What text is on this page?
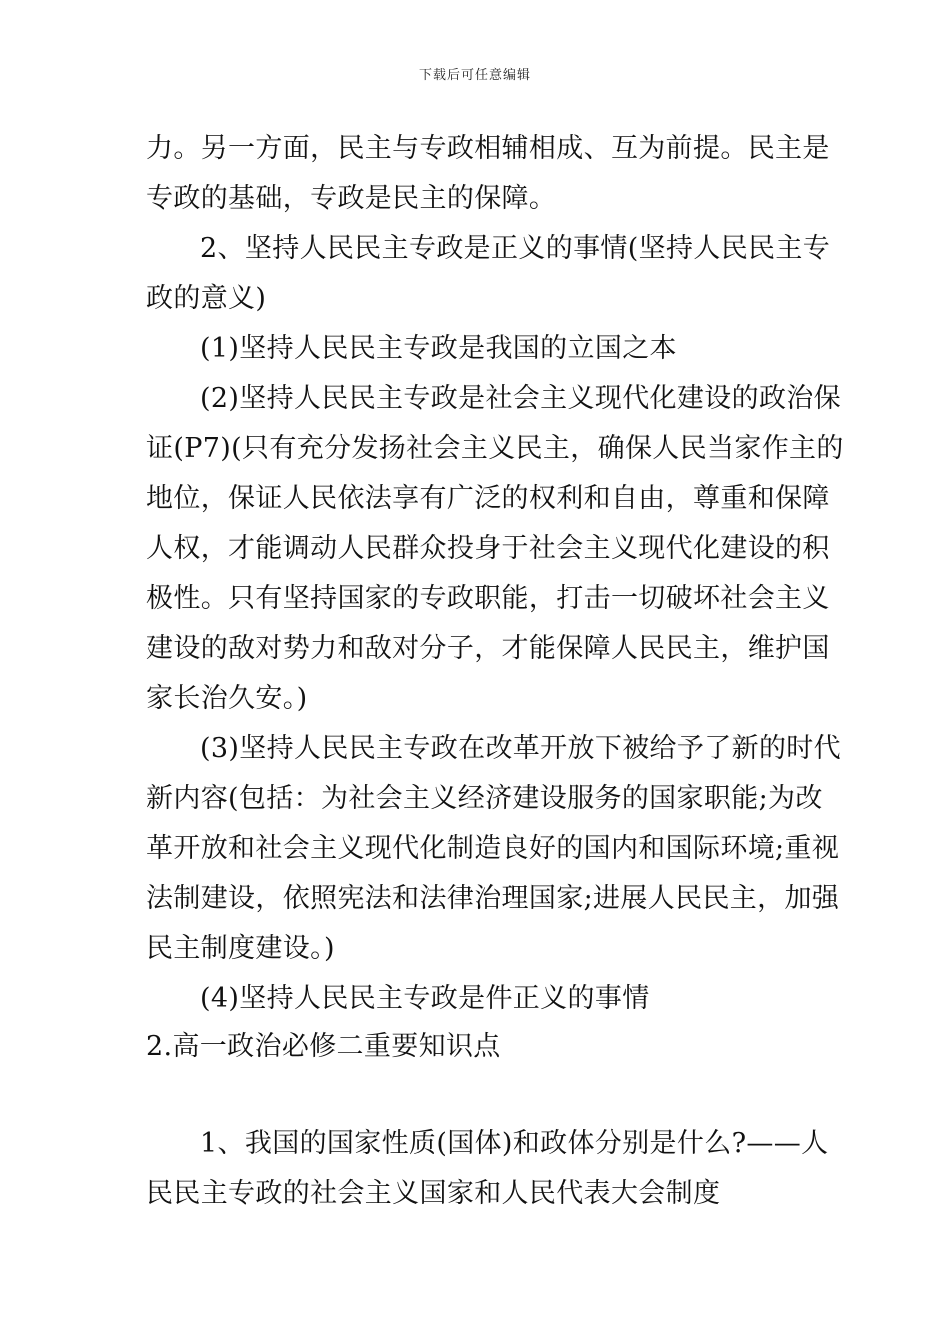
下载后可任意编辑
力。另一方面，民主与专政相辅相成、互为前提。民主是
专政的基础，专政是民主的保障。
2、坚持人民民主专政是正义的事情(坚持人民民主专
政的意义)
(1)坚持人民民主专政是我国的立国之本
(2)坚持人民民主专政是社会主义现代化建设的政治保
证(P7)(只有充分发扬社会主义民主，确保人民当家作主的
地位，保证人民依法享有广泛的权利和自由，尊重和保障
人权，才能调动人民群众投身于社会主义现代化建设的积
极性。只有坚持国家的专政职能，打击一切破坏社会主义
建设的敌对势力和敌对分子，才能保障人民民主，维护国
家长治久安。)
(3)坚持人民民主专政在改革开放下被给予了新的时代
新内容(包括：为社会主义经济建设服务的国家职能;为改
革开放和社会主义现代化制造良好的国内和国际环境;重视
法制建设，依照宪法和法律治理国家;进展人民民主，加强
民主制度建设。)
(4)坚持人民民主专政是件正义的事情
2.高一政治必修二重要知识点
1、我国的国家性质(国体)和政体分别是什么?——人
民民主专政的社会主义国家和人民代表大会制度
